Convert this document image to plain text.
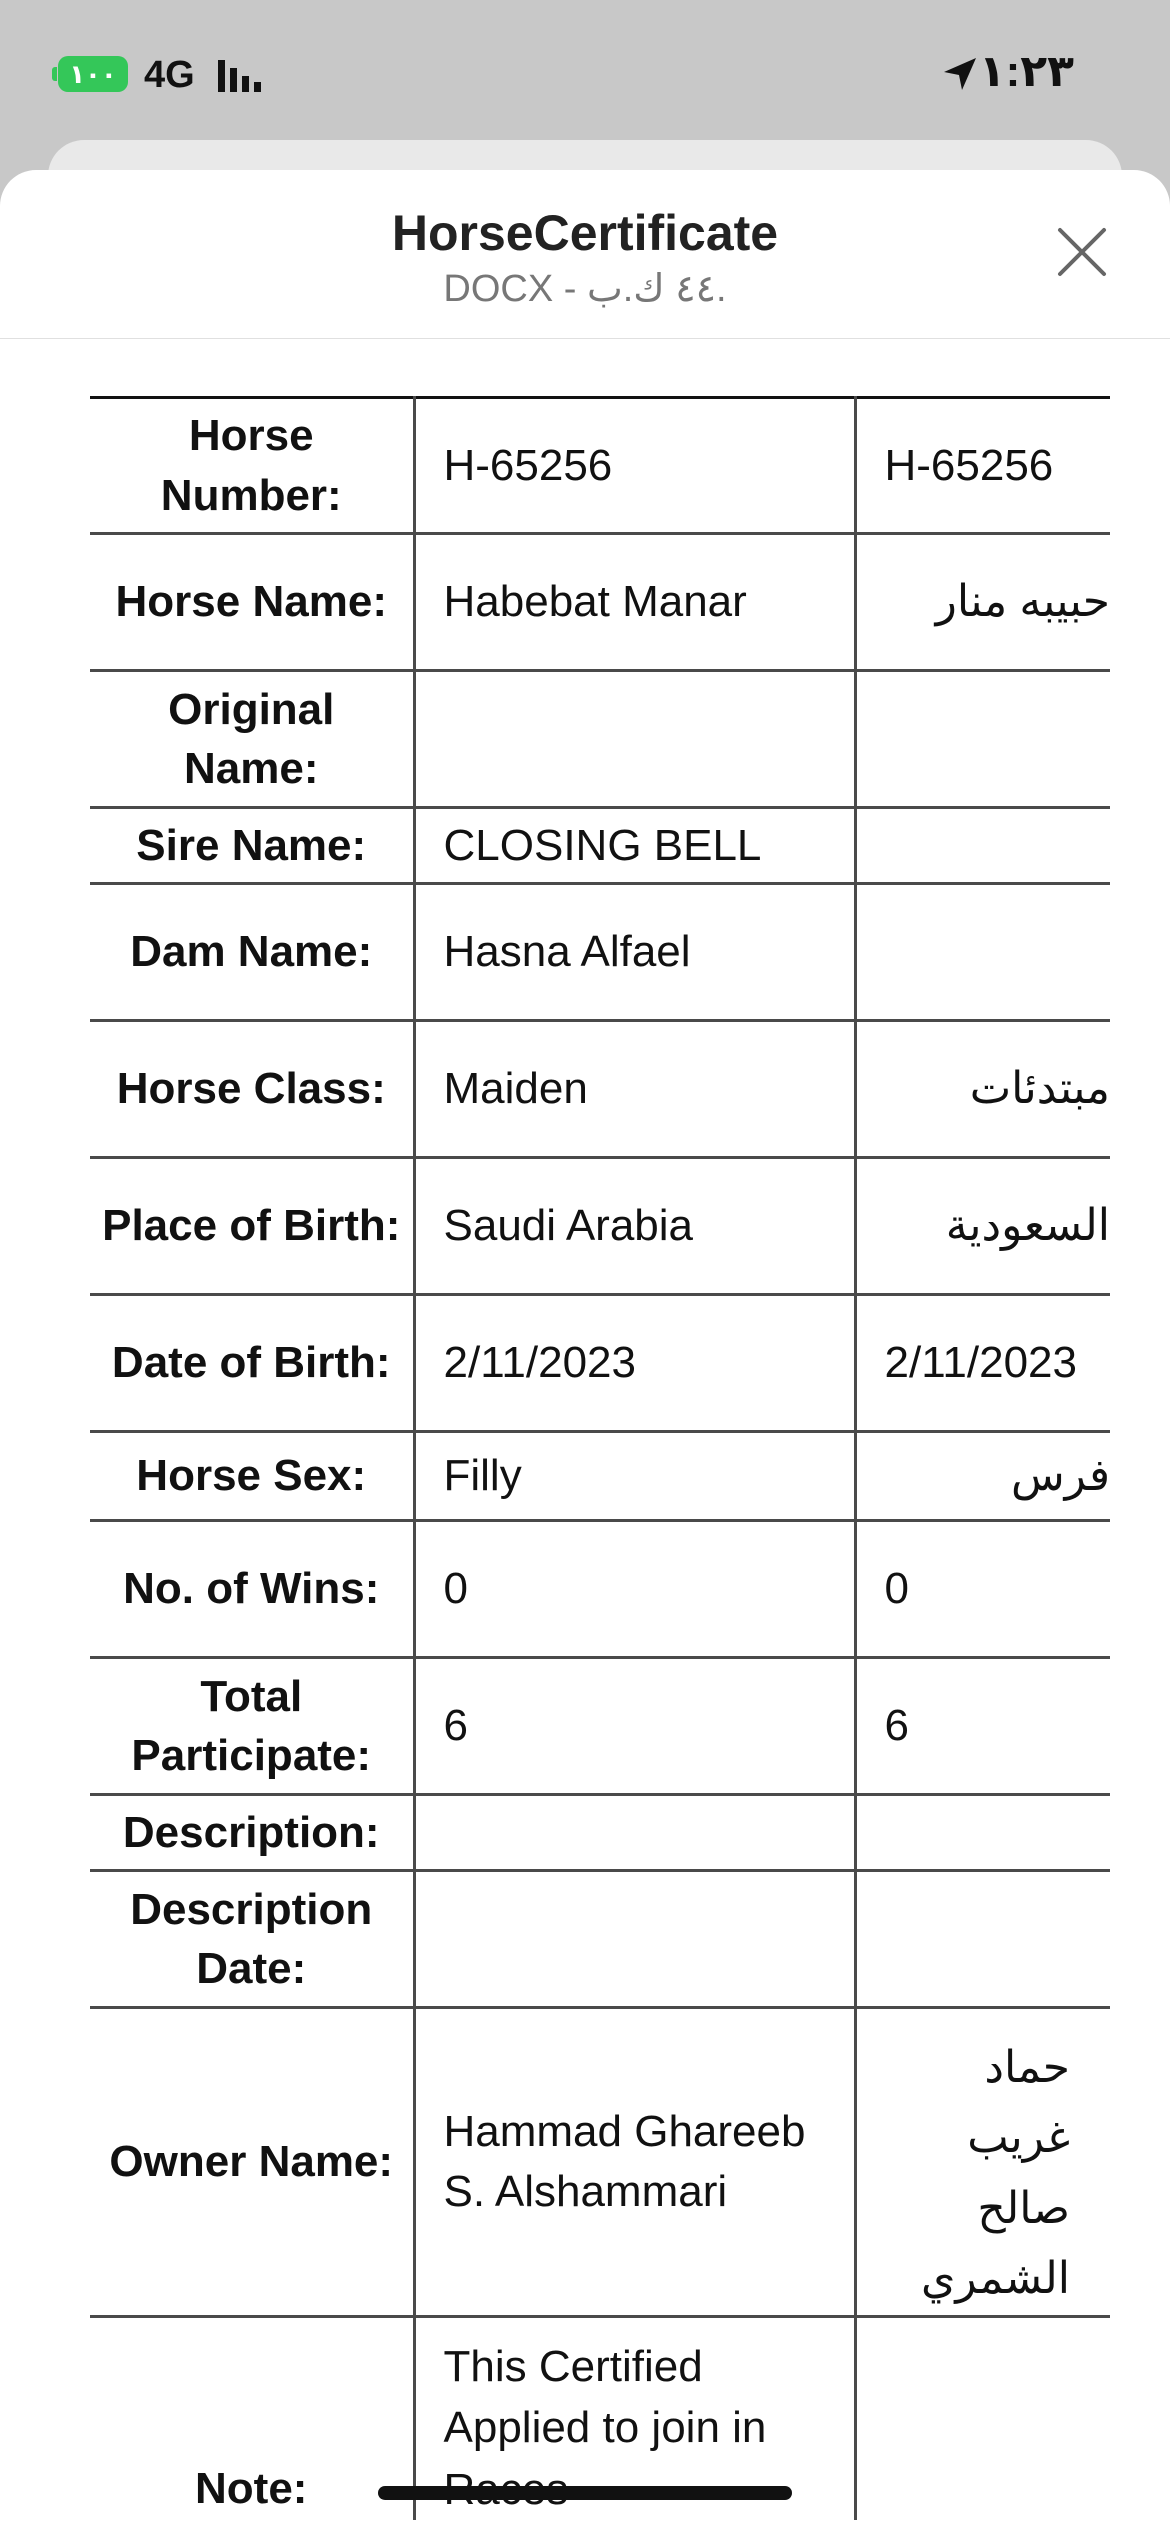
١٠٠ 4G	١:٢٣
HorseCertificate
DOCX - ٤٤ ك.ب.
Horse Number:	H-65256	H-65256
Horse Name:	Habebat Manar	حبيبه منار
Original Name:		
Sire Name:	CLOSING BELL	
Dam Name:	Hasna Alfael	
Horse Class:	Maiden	مبتدئات
Place of Birth:	Saudi Arabia	السعودية
Date of Birth:	2/11/2023	2/11/2023
Horse Sex:	Filly	فرس
No. of Wins:	0	0
Total Participate:	6	6
Description:		
Description Date:		
Owner Name:	Hammad Ghareeb S. Alshammari	حماد غريب صالح الشمري

Note:	This Certified Applied to join in	
